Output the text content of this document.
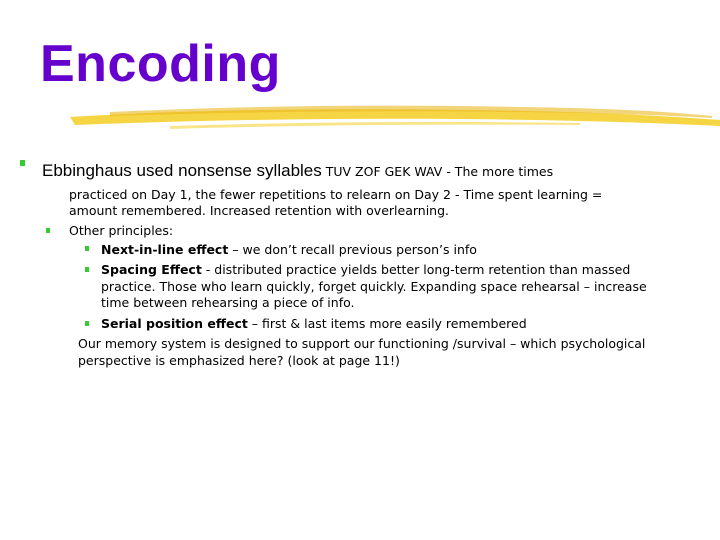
Encoding
Ebbinghaus used nonsense syllables TUV ZOF GEK WAV - The more times
practiced on Day 1, the fewer repetitions to relearn on Day 2 - Time spent learning =
amount remembered. Increased retention with overlearning.
Other principles:
Next-in-line effect – we don’t recall previous person’s info
Spacing Effect - distributed practice yields better long-term retention than massed
practice. Those who learn quickly, forget quickly. Expanding space rehearsal – increase
time between rehearsing a piece of info.
Serial position effect – first & last items more easily remembered
Our memory system is designed to support our functioning /survival – which psychological
perspective is emphasized here? (look at page 11!)
